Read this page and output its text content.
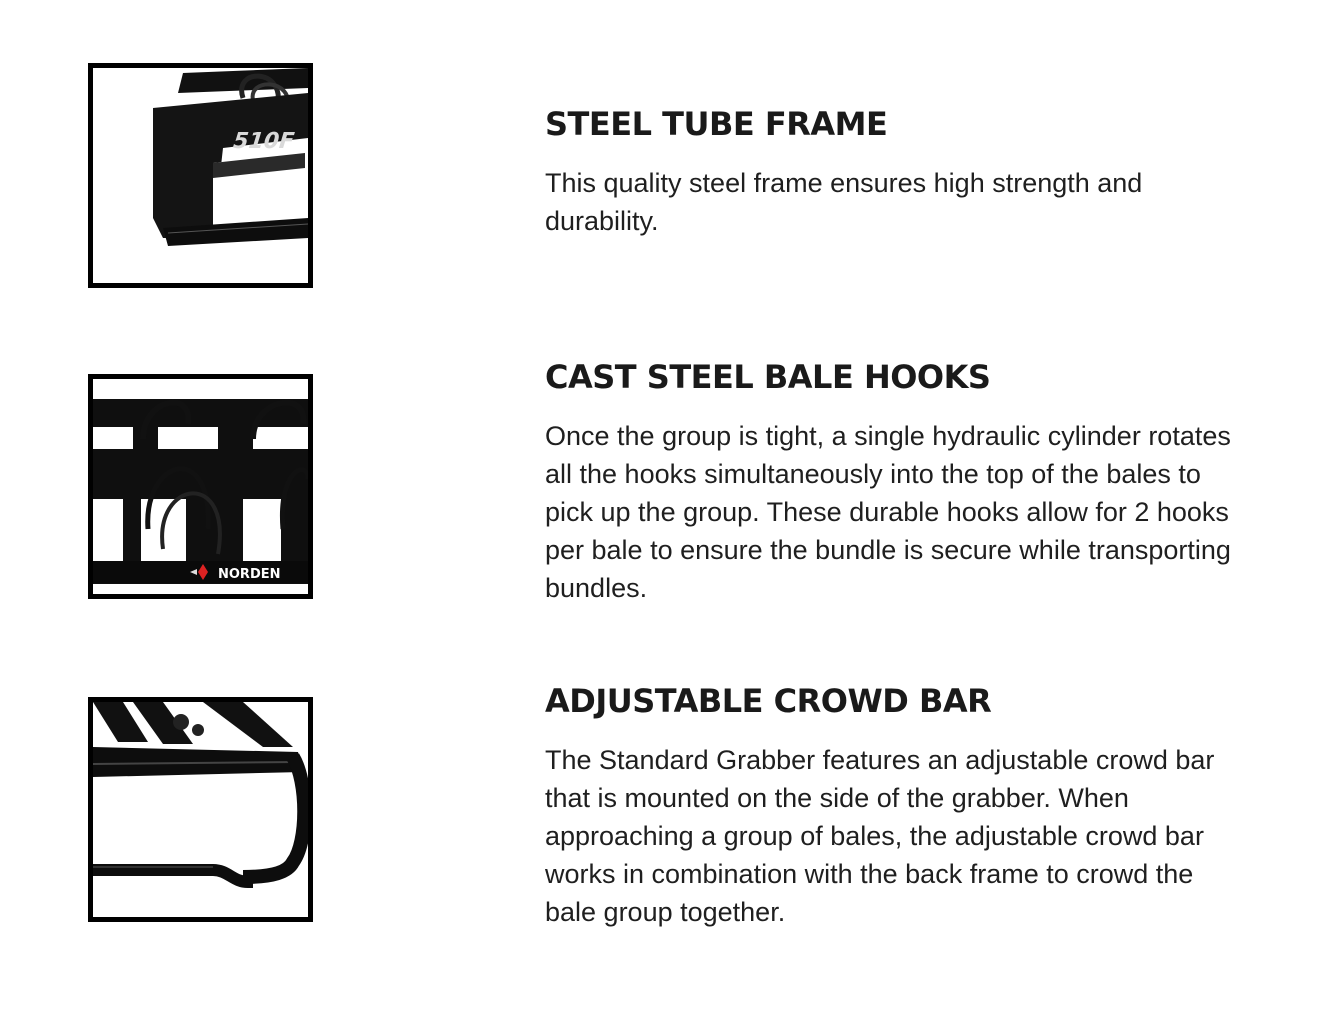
510F	STEEL TUBE FRAME

This quality steel frame ensures high strength and durability.

NORDEN
CAST STEEL BALE HOOKS

Once the group is tight, a single hydraulic cylinder rotates all the hooks simultaneously into the top of the bales to pick up the group. These durable hooks allow for 2 hooks per bale to ensure the bundle is secure while transporting bundles.

ADJUSTABLE CROWD BAR

The Standard Grabber features an adjustable crowd bar that is mounted on the side of the grabber. When approaching a group of bales, the adjustable crowd bar works in combination with the back frame to crowd the bale group together.
